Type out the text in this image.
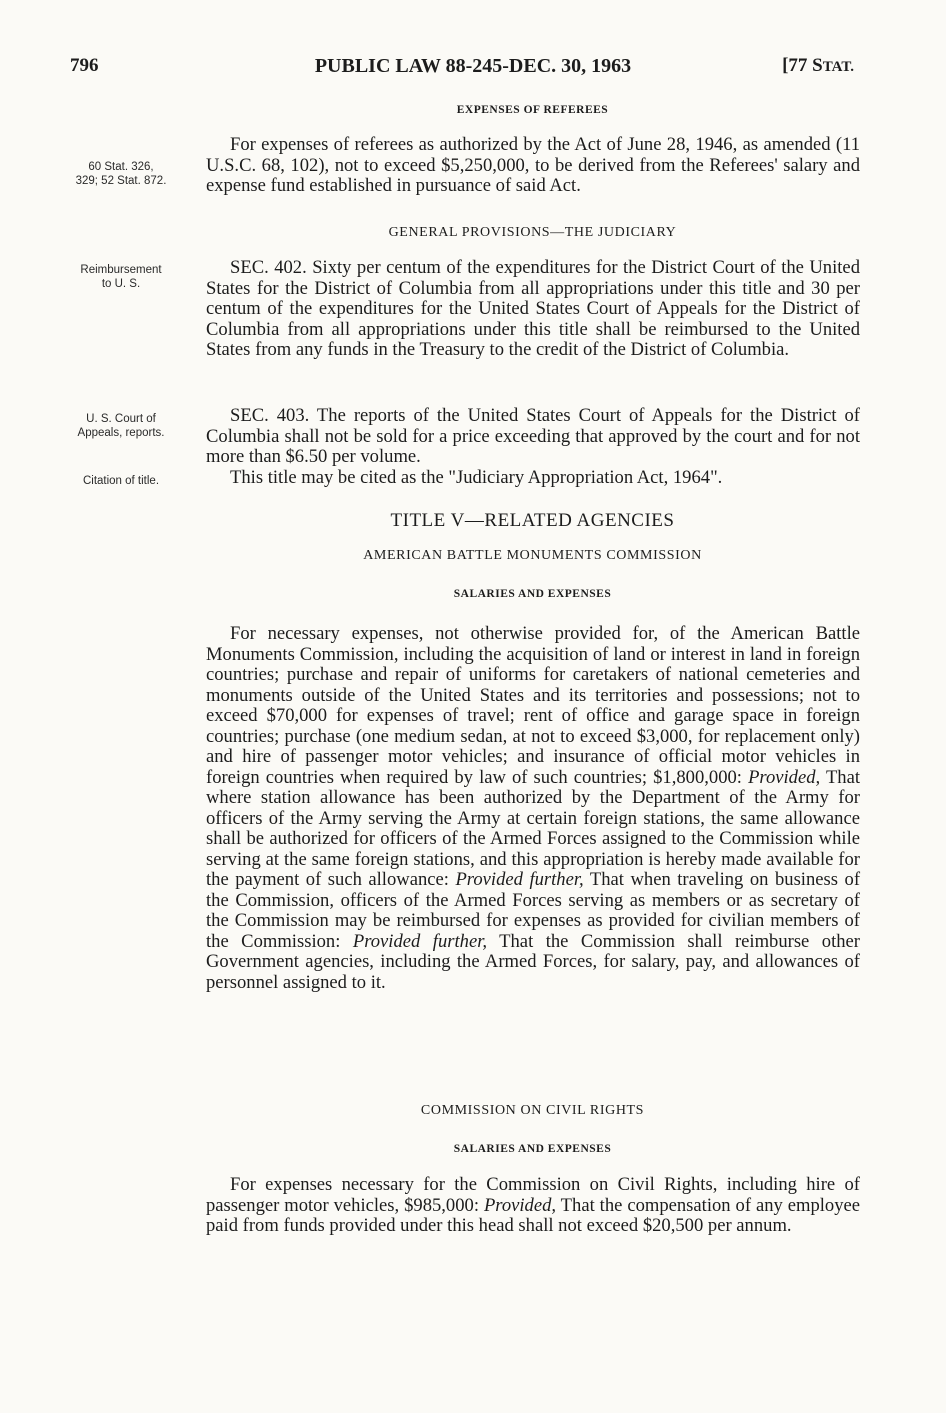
796	PUBLIC LAW 88-245-DEC. 30, 1963	[77 STAT.
EXPENSES OF REFEREES
60 Stat. 326,
329; 52 Stat. 872.

For expenses of referees as authorized by the Act of June 28, 1946, as amended (11 U.S.C. 68, 102), not to exceed $5,250,000, to be derived from the Referees' salary and expense fund established in pursuance of said Act.

GENERAL PROVISIONS—THE JUDICIARY
Reimbursement
to U. S.

SEC. 402. Sixty per centum of the expenditures for the District Court of the United States for the District of Columbia from all appropriations under this title and 30 per centum of the expenditures for the United States Court of Appeals for the District of Columbia from all appropriations under this title shall be reimbursed to the United States from any funds in the Treasury to the credit of the District of Columbia.

U. S. Court of
Appeals, reports.

SEC. 403. The reports of the United States Court of Appeals for the District of Columbia shall not be sold for a price exceeding that approved by the court and for not more than $6.50 per volume.

Citation of title.	This title may be cited as the "Judiciary Appropriation Act, 1964".

TITLE V—RELATED AGENCIES
AMERICAN BATTLE MONUMENTS COMMISSION
SALARIES AND EXPENSES

For necessary expenses, not otherwise provided for, of the American Battle Monuments Commission, including the acquisition of land or interest in land in foreign countries; purchase and repair of uniforms for caretakers of national cemeteries and monuments outside of the United States and its territories and possessions; not to exceed $70,000 for expenses of travel; rent of office and garage space in foreign countries; purchase (one medium sedan, at not to exceed $3,000, for replacement only) and hire of passenger motor vehicles; and insurance of official motor vehicles in foreign countries when required by law of such countries; $1,800,000: Provided, That where station allowance has been authorized by the Department of the Army for officers of the Army serving the Army at certain foreign stations, the same allowance shall be authorized for officers of the Armed Forces assigned to the Commission while serving at the same foreign stations, and this appropriation is hereby made available for the payment of such allowance: Provided further, That when traveling on business of the Commission, officers of the Armed Forces serving as members or as secretary of the Commission may be reimbursed for expenses as provided for civilian members of the Commission: Provided further, That the Commission shall reimburse other Government agencies, including the Armed Forces, for salary, pay, and allowances of personnel assigned to it.

COMMISSION ON CIVIL RIGHTS
SALARIES AND EXPENSES

For expenses necessary for the Commission on Civil Rights, including hire of passenger motor vehicles, $985,000: Provided, That the compensation of any employee paid from funds provided under this head shall not exceed $20,500 per annum.
